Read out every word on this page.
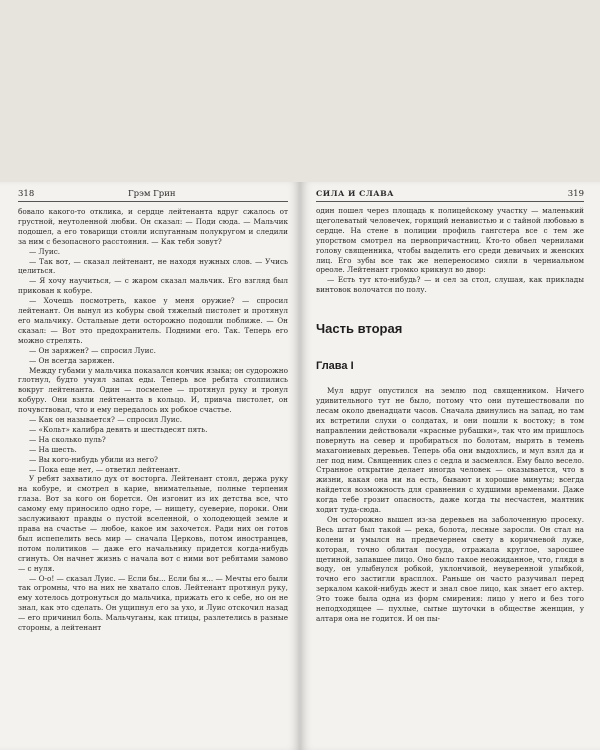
318	Грэм Грин

бовало какого-то отклика, и сердце лейтенанта вдруг сжалось от грустной, неутоленной любви. Он сказал: — Поди сюда. — Мальчик подошел, а его товарищи стояли испуганным полукругом и следили за ним с безопасного расстояния. — Как тебя зовут?

— Луис.

— Так вот, — сказал лейтенант, не находя нужных слов. — Учись целиться.

— Я хочу научиться, — с жаром сказал мальчик. Его взгляд был прикован к кобуре.

— Хочешь посмотреть, какое у меня оружие? — спросил лейтенант. Он вынул из кобуры свой тяжелый пистолет и протянул его мальчику. Остальные дети осторожно подошли поближе. — Он сказал: — Вот это предохранитель. Подними его. Так. Теперь его можно стрелять.

— Он заряжен? — спросил Луис.

— Он всегда заряжен.

Между губами у мальчика показался кончик языка; он судорожно глотнул, будто учуял запах еды. Теперь все ребята столпились вокруг лейтенанта. Один — посмелее — протянул руку и тронул кобуру. Они взяли лейтенанта в кольцо. И, привча пистолет, он почувствовал, что и ему передалось их робкое счастье.

— Как он называется? — спросил Луис.

— «Кольт» калибра девять и шестьдесят пять.

— На сколько пуль?

— На шесть.

— Вы кого-нибудь убили из него?

— Пока еще нет, — ответил лейтенант.

У ребят захватило дух от восторга. Лейтенант стоял, держа руку на кобуре, и смотрел в карие, внимательные, полные терпения глаза. Вот за кого он борется. Он изгонит из их детства все, что самому ему приносило одно горе, — нищету, суеверие, пороки. Они заслуживают правды о пустой вселенной, о холодеющей земле и права на счастье — любое, какое им захочется. Ради них он готов был испепелить весь мир — сначала Церковь, потом иностранцев, потом политиков — даже его начальнику придется когда-нибудь сгинуть. Он начнет жизнь с начала вот с ними вот ребятами замово — с нуля.

— О-о! — сказал Луис. — Если бы... Если бы я... — Мечты его были так огромны, что на них не хватало слов. Лейтенант протянул руку, ему хотелось дотронуться до мальчика, прижать его к себе, но он не знал, как это сделать. Он ущипнул его за ухо, и Луис отскочил назад — его причинил боль. Мальчуганы, как птицы, разлетелись в разные стороны, а лейтенант

СИЛА И СЛАВА	319

один пошел через площадь к полицейскому участку — маленький щеголеватый человечек, горящий ненавистью и с тайной любовью в сердце. На стене в полиции профиль гангстера все с тем же упорством смотрел на первопричастниц. Кто-то обвел чернилами голову священника, чтобы выделить его среди девичьих и женских лиц. Его зубы все так же непереносимо сияли в черниальном ореоле. Лейтенант громко крикнул во двор:

— Есть тут кто-нибудь? — и сел за стол, слушая, как приклады винтовок волочатся по полу.

Часть вторая
Глава I

Мул вдруг опустился на землю под священником. Ничего удивительного тут не было, потому что они путешествовали по лесам около двенадцати часов. Сначала двинулись на запад, но там их встретили слухи о солдатах, и они пошли к востоку; в том направлении действовали «красные рубашки», так что им пришлось повернуть на север и пробираться по болотам, нырять в темень махагониевых деревьев. Теперь оба они выдохлись, и мул взял да и лег под ним. Священник слез с седла и засмеялся. Ему было весело. Странное открытие делает иногда человек — оказывается, что в жизни, какая она ни на есть, бывают и хорошие минуты; всегда найдется возможность для сравнения с худшими временами. Даже когда тебе грозит опасность, даже когда ты несчастен, маятник ходит туда-сюда.

Он осторожно вышел из-за деревьев на заболоченную просеку. Весь штат был такой — река, болота, лесные заросли. Он стал на колени и умылся на предвечернем свету в коричневой луже, которая, точно облитая посуда, отражала круглое, заросшее щетиной, запавшее лицо. Оно было такое неожиданное, что, глядя в воду, он улыбнулся робкой, уклончивой, неуверенной улыбкой, точно его застигли врасплох. Раньше он часто разучивал перед зеркалом какой-нибудь жест и знал свое лицо, как знает его актер. Это тоже была одна из форм смирения: лицо у него и без того неподходящее — пухлые, сытые шуточки в обществе женщин, у алтаря она не годится. И он пы-
